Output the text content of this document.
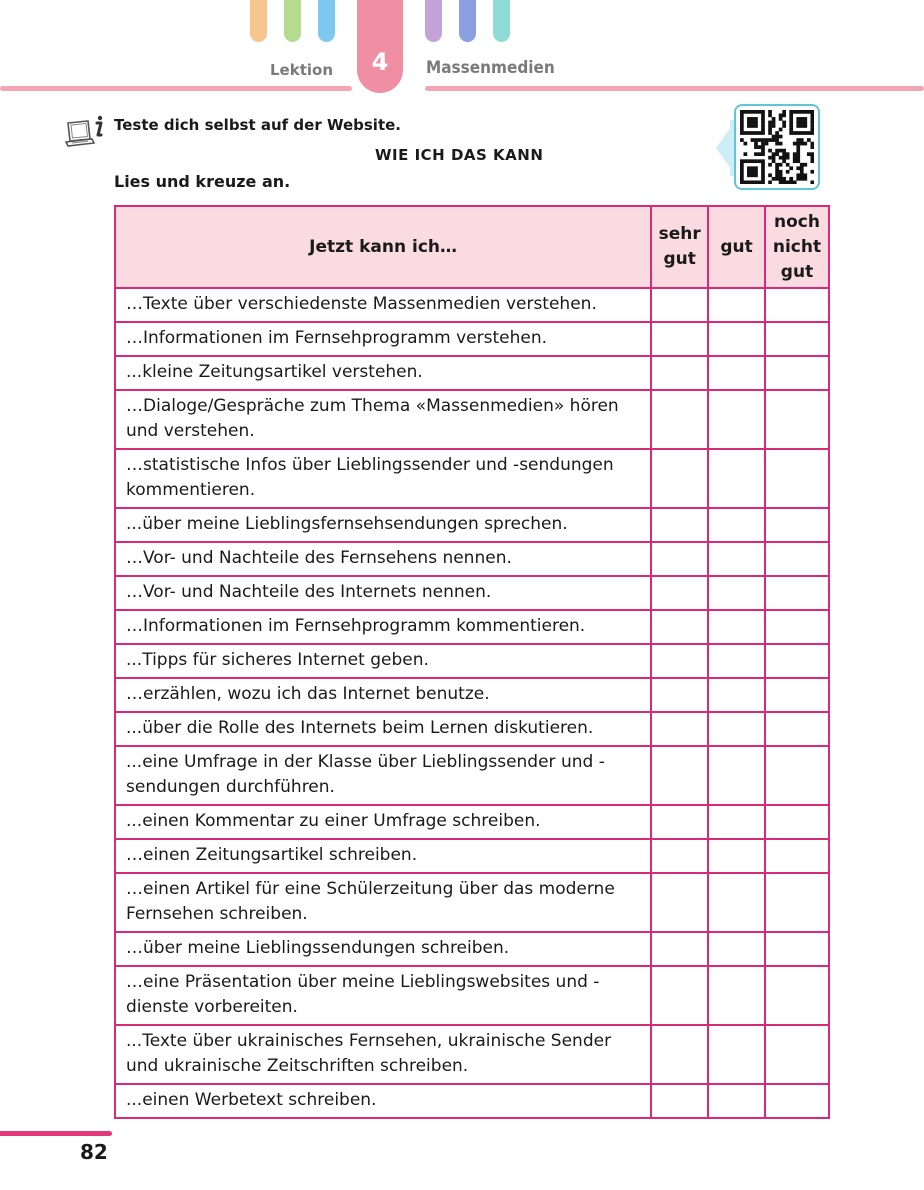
4
Lektion	Massenmedien
Teste dich selbst auf der Website.
WIE ICH DAS KANN
Lies und kreuze an.
Jetzt kann ich…	sehr gut	gut	noch nicht gut
…Texte über verschiedenste Massenmedien verstehen.			
…Informationen im Fernsehprogramm verstehen.			
...kleine Zeitungsartikel verstehen.			
…Dialoge/Gespräche zum Thema «Massenmedien» hören und verstehen.			
…statistische Infos über Lieblingssender und -sendungen kommentieren.			
...über meine Lieblingsfernsehsendungen sprechen.			
…Vor- und Nachteile des Fernsehens nennen.			
…Vor- und Nachteile des Internets nennen.			
…Informationen im Fernsehprogramm kommentieren.			
...Tipps für sicheres Internet geben.			
…erzählen, wozu ich das Internet benutze.			
...über die Rolle des Internets beim Lernen diskutieren.			
...eine Umfrage in der Klasse über Lieblingssender und -sendungen durchführen.			
...einen Kommentar zu einer Umfrage schreiben.			
…einen Zeitungsartikel schreiben.			
…einen Artikel für eine Schülerzeitung über das moderne Fernsehen schreiben.			
…über meine Lieblingssendungen schreiben.			
…eine Präsentation über meine Lieblingswebsites und -dienste vorbereiten.			
...Texte über ukrainisches Fernsehen, ukrainische Sender und ukrainische Zeitschriften schreiben.			
...einen Werbetext schreiben.			
82
